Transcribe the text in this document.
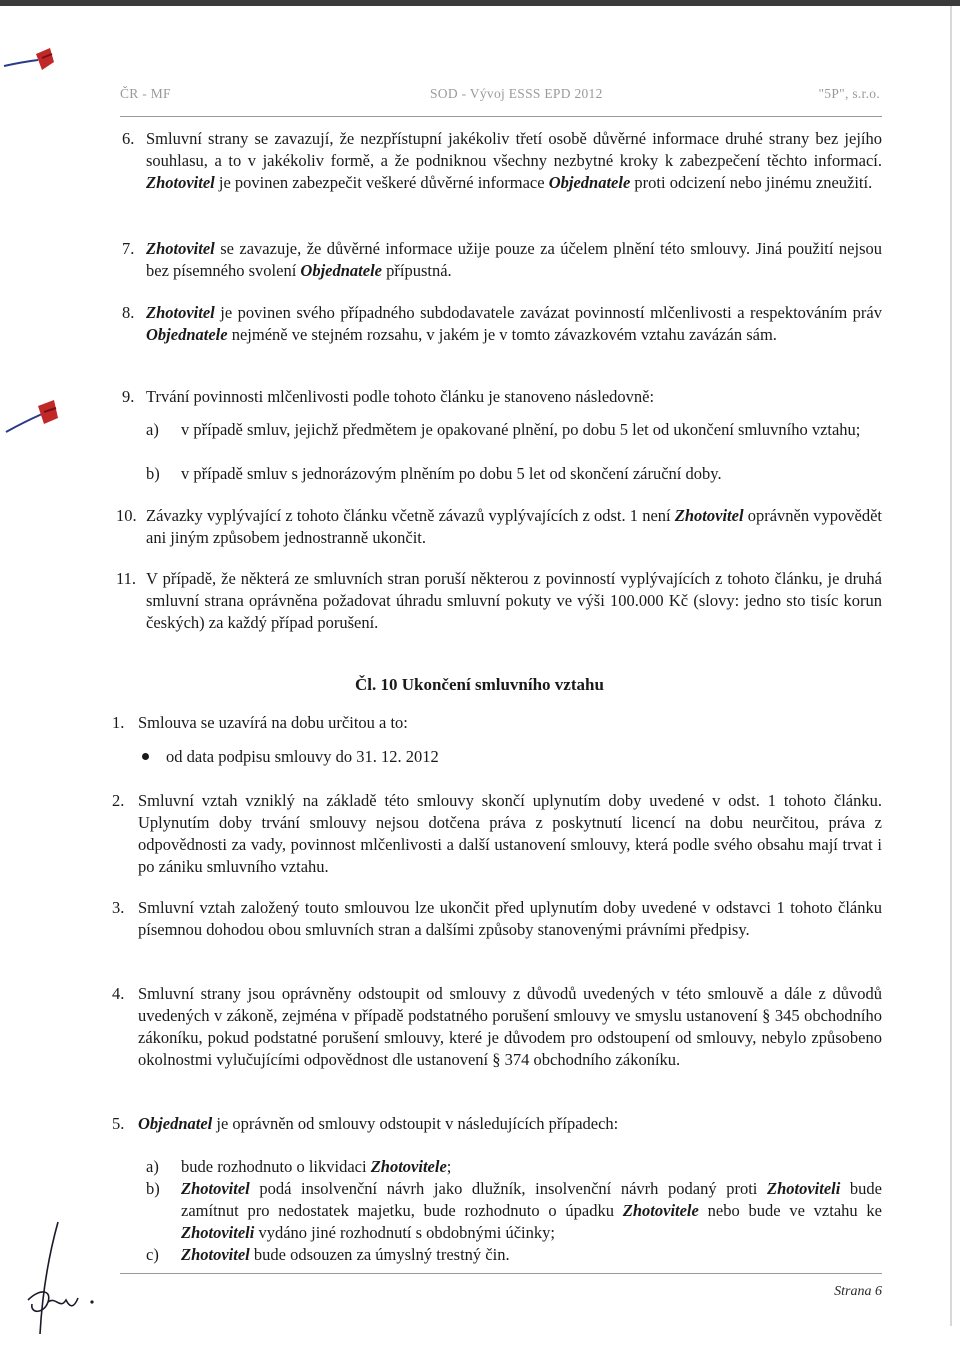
ČR - MF	SOD - Vývoj ESSS EPD 2012	"5P", s.r.o.
6. Smluvní strany se zavazují, že nezpřístupní jakékoliv třetí osobě důvěrné informace druhé strany bez jejího souhlasu, a to v jakékoliv formě, a že podniknou všechny nezbytné kroky k zabezpečení těchto informací. Zhotovitel je povinen zabezpečit veškeré důvěrné informace Objednatele proti odcizení nebo jinému zneužití.
7. Zhotovitel se zavazuje, že důvěrné informace užije pouze za účelem plnění této smlouvy. Jiná použití nejsou bez písemného svolení Objednatele přípustná.
8. Zhotovitel je povinen svého případného subdodavatele zavázat povinností mlčenlivosti a respektováním práv Objednatele nejméně ve stejném rozsahu, v jakém je v tomto závazkovém vztahu zavázán sám.
9. Trvání povinnosti mlčenlivosti podle tohoto článku je stanoveno následovně:
a) v případě smluv, jejichž předmětem je opakované plnění, po dobu 5 let od ukončení smluvního vztahu;
b) v případě smluv s jednorázovým plněním po dobu 5 let od skončení záruční doby.
10. Závazky vyplývající z tohoto článku včetně závazů vyplývajících z odst. 1 není Zhotovitel oprávněn vypovědět ani jiným způsobem jednostranně ukončit.
11. V případě, že některá ze smluvních stran poruší některou z povinností vyplývajících z tohoto článku, je druhá smluvní strana oprávněna požadovat úhradu smluvní pokuty ve výši 100.000 Kč (slovy: jedno sto tisíc korun českých) za každý případ porušení.
Čl. 10 Ukončení smluvního vztahu
1. Smlouva se uzavírá na dobu určitou a to:
od data podpisu smlouvy do 31. 12. 2012
2. Smluvní vztah vzniklý na základě této smlouvy skončí uplynutím doby uvedené v odst. 1 tohoto článku. Uplynutím doby trvání smlouvy nejsou dotčena práva z poskytnutí licencí na dobu neurčitou, práva z odpovědnosti za vady, povinnost mlčenlivosti a další ustanovení smlouvy, která podle svého obsahu mají trvat i po zániku smluvního vztahu.
3. Smluvní vztah založený touto smlouvou lze ukončit před uplynutím doby uvedené v odstavci 1 tohoto článku písemnou dohodou obou smluvních stran a dalšími způsoby stanovenými právními předpisy.
4. Smluvní strany jsou oprávněny odstoupit od smlouvy z důvodů uvedených v této smlouvě a dále z důvodů uvedených v zákoně, zejména v případě podstatného porušení smlouvy ve smyslu ustanovení § 345 obchodního zákoníku, pokud podstatné porušení smlouvy, které je důvodem pro odstoupení od smlouvy, nebylo způsobeno okolnostmi vylučujícími odpovědnost dle ustanovení § 374 obchodního zákoníku.
5. Objednatel je oprávněn od smlouvy odstoupit v následujících případech:
a) bude rozhodnuto o likvidaci Zhotovitele;
b) Zhotovitel podá insolvenční návrh jako dlužník, insolvenční návrh podaný proti Zhotoviteli bude zamítnut pro nedostatek majetku, bude rozhodnuto o úpadku Zhotovitele nebo bude ve vztahu ke Zhotoviteli vydáno jiné rozhodnutí s obdobnými účinky;
c) Zhotovitel bude odsouzen za úmyslný trestný čin.
Strana 6
